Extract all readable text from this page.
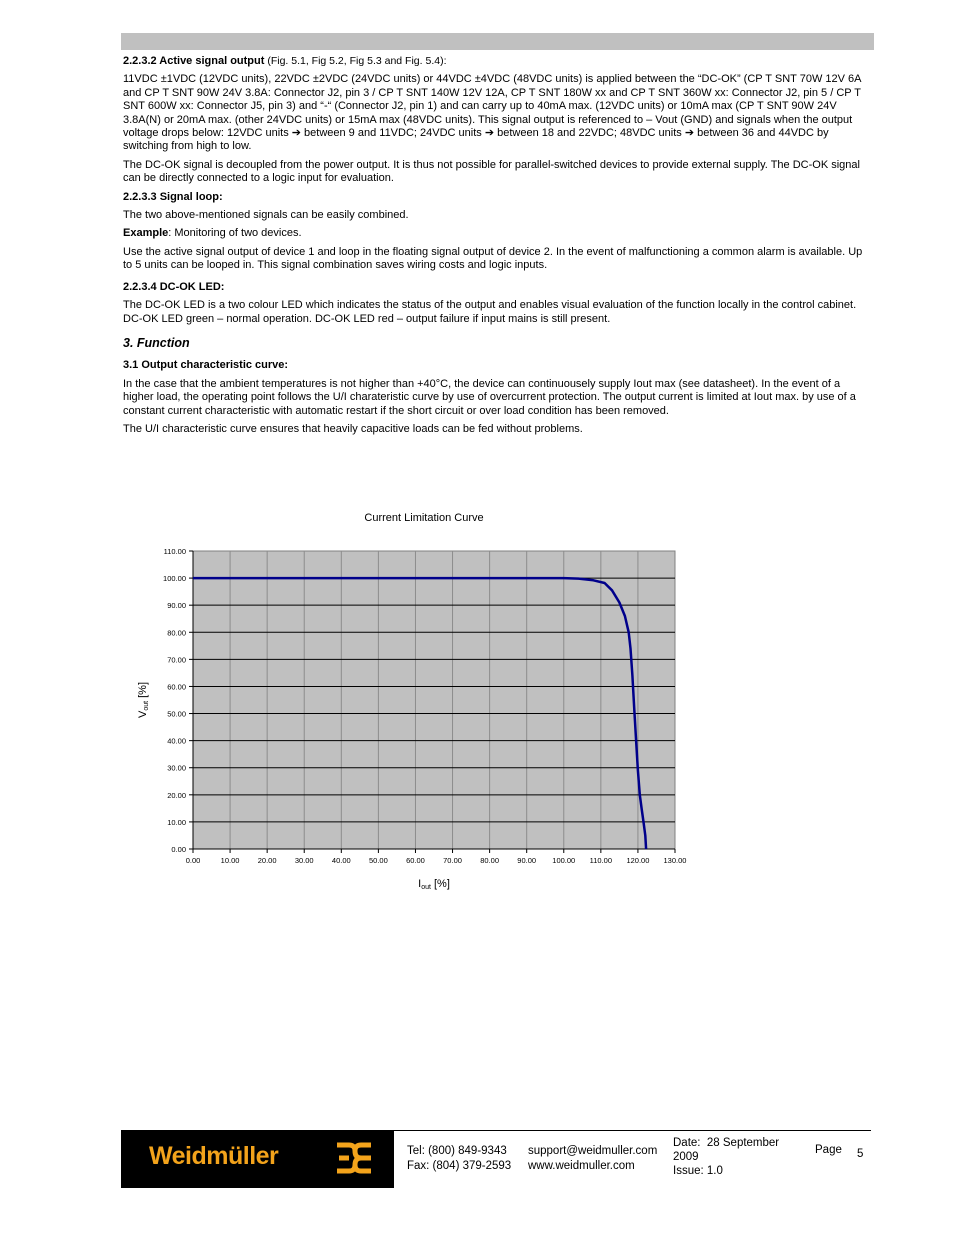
2.2.3.2 Active signal output (Fig. 5.1, Fig 5.2, Fig 5.3 and Fig. 5.4):

11VDC ±1VDC (12VDC units), 22VDC ±2VDC (24VDC units) or 44VDC ±4VDC (48VDC units) is applied between the “DC-OK” (CP T SNT 70W 12V 6A and CP T SNT 90W 24V 3.8A: Connector J2, pin 3 / CP T SNT 140W 12V 12A, CP T SNT 180W xx and CP T SNT 360W xx: Connector J2, pin 5 / CP T SNT 600W xx: Connector J5, pin 3) and “-“ (Connector J2, pin 1) and can carry up to 40mA max. (12VDC units) or 10mA max (CP T SNT 90W 24V 3.8A(N) or 20mA max. (other 24VDC units) or 15mA max (48VDC units). This signal output is referenced to – Vout (GND) and signals when the output voltage drops below: 12VDC units ➔ between 9 and 11VDC; 24VDC units ➔ between 18 and 22VDC; 48VDC units ➔ between 36 and 44VDC by switching from high to low.

The DC-OK signal is decoupled from the power output. It is thus not possible for parallel-switched devices to provide external supply. The DC-OK signal can be directly connected to a logic input for evaluation.

2.2.3.3 Signal loop:

The two above-mentioned signals can be easily combined.

Example: Monitoring of two devices.

Use the active signal output of device 1 and loop in the floating signal output of device 2. In the event of malfunctioning a common alarm is available. Up to 5 units can be looped in. This signal combination saves wiring costs and logic inputs.

2.2.3.4 DC-OK LED:

The DC-OK LED is a two colour LED which indicates the status of the output and enables visual evaluation of the function locally in the control cabinet. DC-OK LED green – normal operation. DC-OK LED red – output failure if input mains is still present.

3. Function
3.1 Output characteristic curve:

In the case that the ambient temperatures is not higher than +40°C, the device can continuousely supply Iout max (see datasheet). In the event of a higher load, the operating point follows the U/I charateristic curve by use of overcurrent protection. The output current is limited at Iout max. by use of a constant current characteristic with automatic restart if the short circuit or over load condition has been removed.

The U/I characteristic curve ensures that heavily capacitive loads can be fed without problems.

Current Limitation Curve
0.00	10.00 20.00 30.00 40.00 50.00 60.00 70.00 80.00 90.00 100.00 110.00 120.00 130.00
0.00
10.00
20.00
30.00
40.00
50.00
60.00
70.00
80.00
90.00
100.00
110.00
Iout [%]
Vout [%]
Weidmüller	Tel: (800) 849-9343
Fax: (804) 379-2593
support@weidmuller.com
www.weidmuller.com
Date: 28 September
2009
Issue: 1.0
Page 5
